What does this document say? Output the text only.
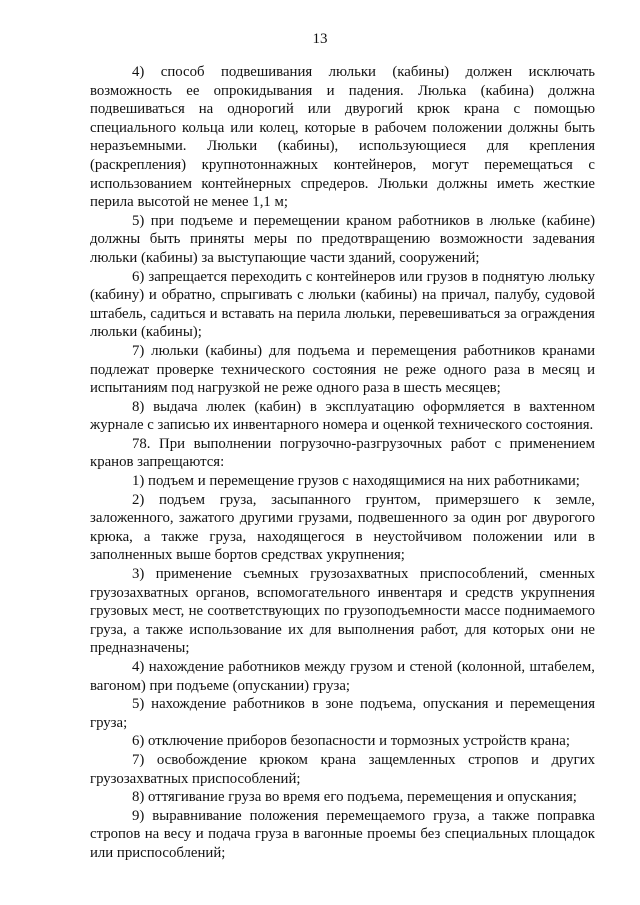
13

4) способ подвешивания люльки (кабины) должен исключать возможность ее опрокидывания и падения. Люлька (кабина) должна подвешиваться на однорогий или двурогий крюк крана с помощью специального кольца или колец, которые в рабочем положении должны быть неразъемными. Люльки (кабины), использующиеся для крепления (раскрепления) крупнотоннажных контейнеров, могут перемещаться с использованием контейнерных спредеров. Люльки должны иметь жесткие перила высотой не менее 1,1 м;

5) при подъеме и перемещении краном работников в люльке (кабине) должны быть приняты меры по предотвращению возможности задевания люльки (кабины) за выступающие части зданий, сооружений;

6) запрещается переходить с контейнеров или грузов в поднятую люльку (кабину) и обратно, спрыгивать с люльки (кабины) на причал, палубу, судовой штабель, садиться и вставать на перила люльки, перевешиваться за ограждения люльки (кабины);

7) люльки (кабины) для подъема и перемещения работников кранами подлежат проверке технического состояния не реже одного раза в месяц и испытаниям под нагрузкой не реже одного раза в шесть месяцев;

8) выдача люлек (кабин) в эксплуатацию оформляется в вахтенном журнале с записью их инвентарного номера и оценкой технического состояния.

78. При выполнении погрузочно-разгрузочных работ с применением кранов запрещаются:

1) подъем и перемещение грузов с находящимися на них работниками;

2) подъем груза, засыпанного грунтом, примерзшего к земле, заложенного, зажатого другими грузами, подвешенного за один рог двурогого крюка, а также груза, находящегося в неустойчивом положении или в заполненных выше бортов средствах укрупнения;

3) применение съемных грузозахватных приспособлений, сменных грузозахватных органов, вспомогательного инвентаря и средств укрупнения грузовых мест, не соответствующих по грузоподъемности массе поднимаемого груза, а также использование их для выполнения работ, для которых они не предназначены;

4) нахождение работников между грузом и стеной (колонной, штабелем, вагоном) при подъеме (опускании) груза;

5) нахождение работников в зоне подъема, опускания и перемещения груза;

6) отключение приборов безопасности и тормозных устройств крана;

7) освобождение крюком крана защемленных стропов и других грузозахватных приспособлений;

8) оттягивание груза во время его подъема, перемещения и опускания;

9) выравнивание положения перемещаемого груза, а также поправка стропов на весу и подача груза в вагонные проемы без специальных площадок или приспособлений;
